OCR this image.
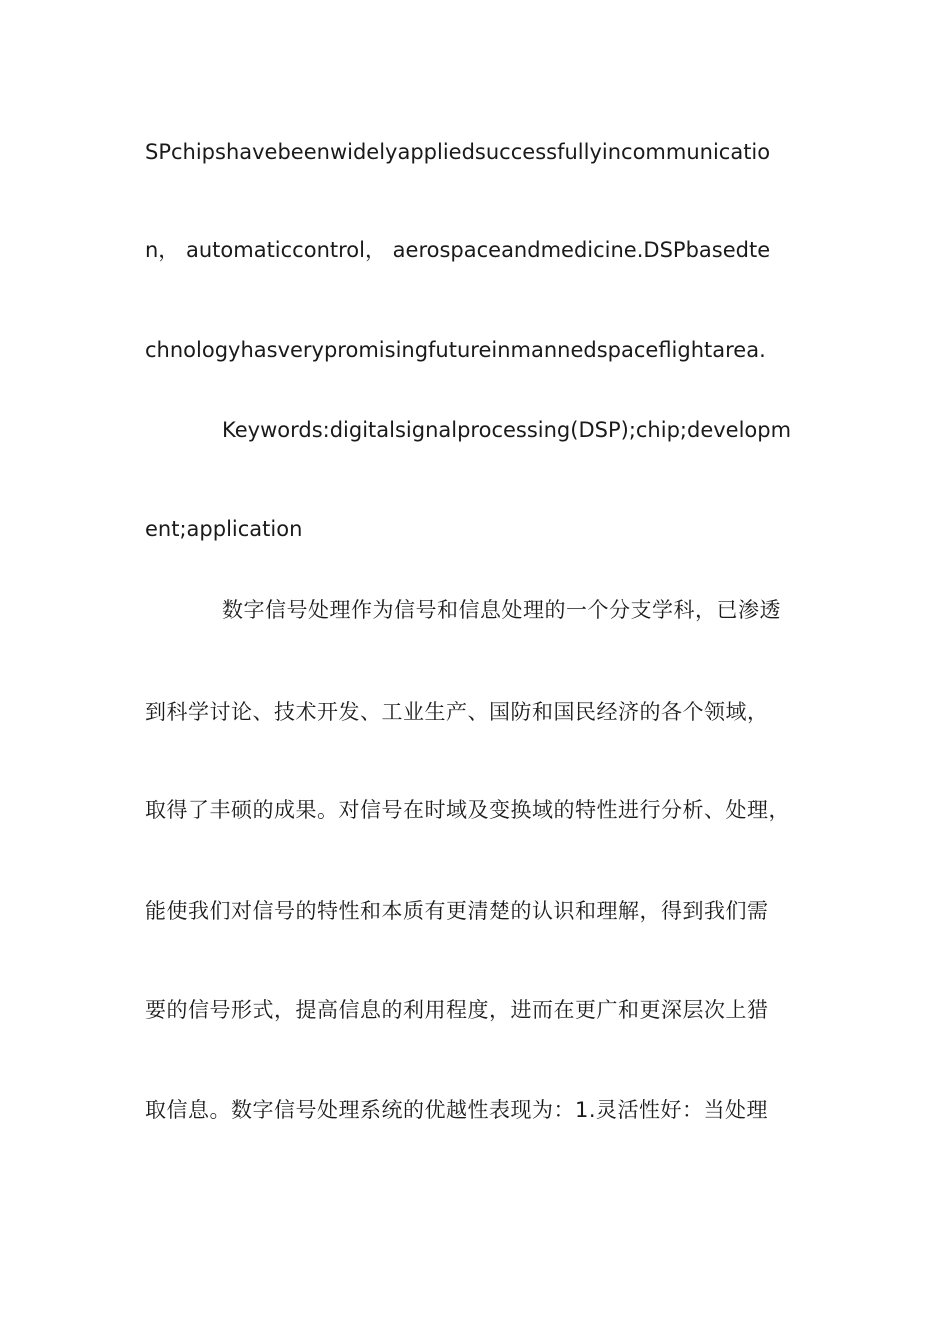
SPchipshavebeenwidelyappliedsuccessfullyincommunicatio
n， automaticcontrol， aerospaceandmedicine.DSPbasedte
chnologyhasverypromisingfutureinmannedspaceflightarea.
Keywords:digitalsignalprocessing(DSP);chip;developm
ent;application
数字信号处理作为信号和信息处理的一个分支学科，已渗透
到科学讨论、技术开发、工业生产、国防和国民经济的各个领域，
取得了丰硕的成果。对信号在时域及变换域的特性进行分析、处理，
能使我们对信号的特性和本质有更清楚的认识和理解，得到我们需
要的信号形式，提高信息的利用程度，进而在更广和更深层次上猎
取信息。数字信号处理系统的优越性表现为：1.灵活性好：当处理
